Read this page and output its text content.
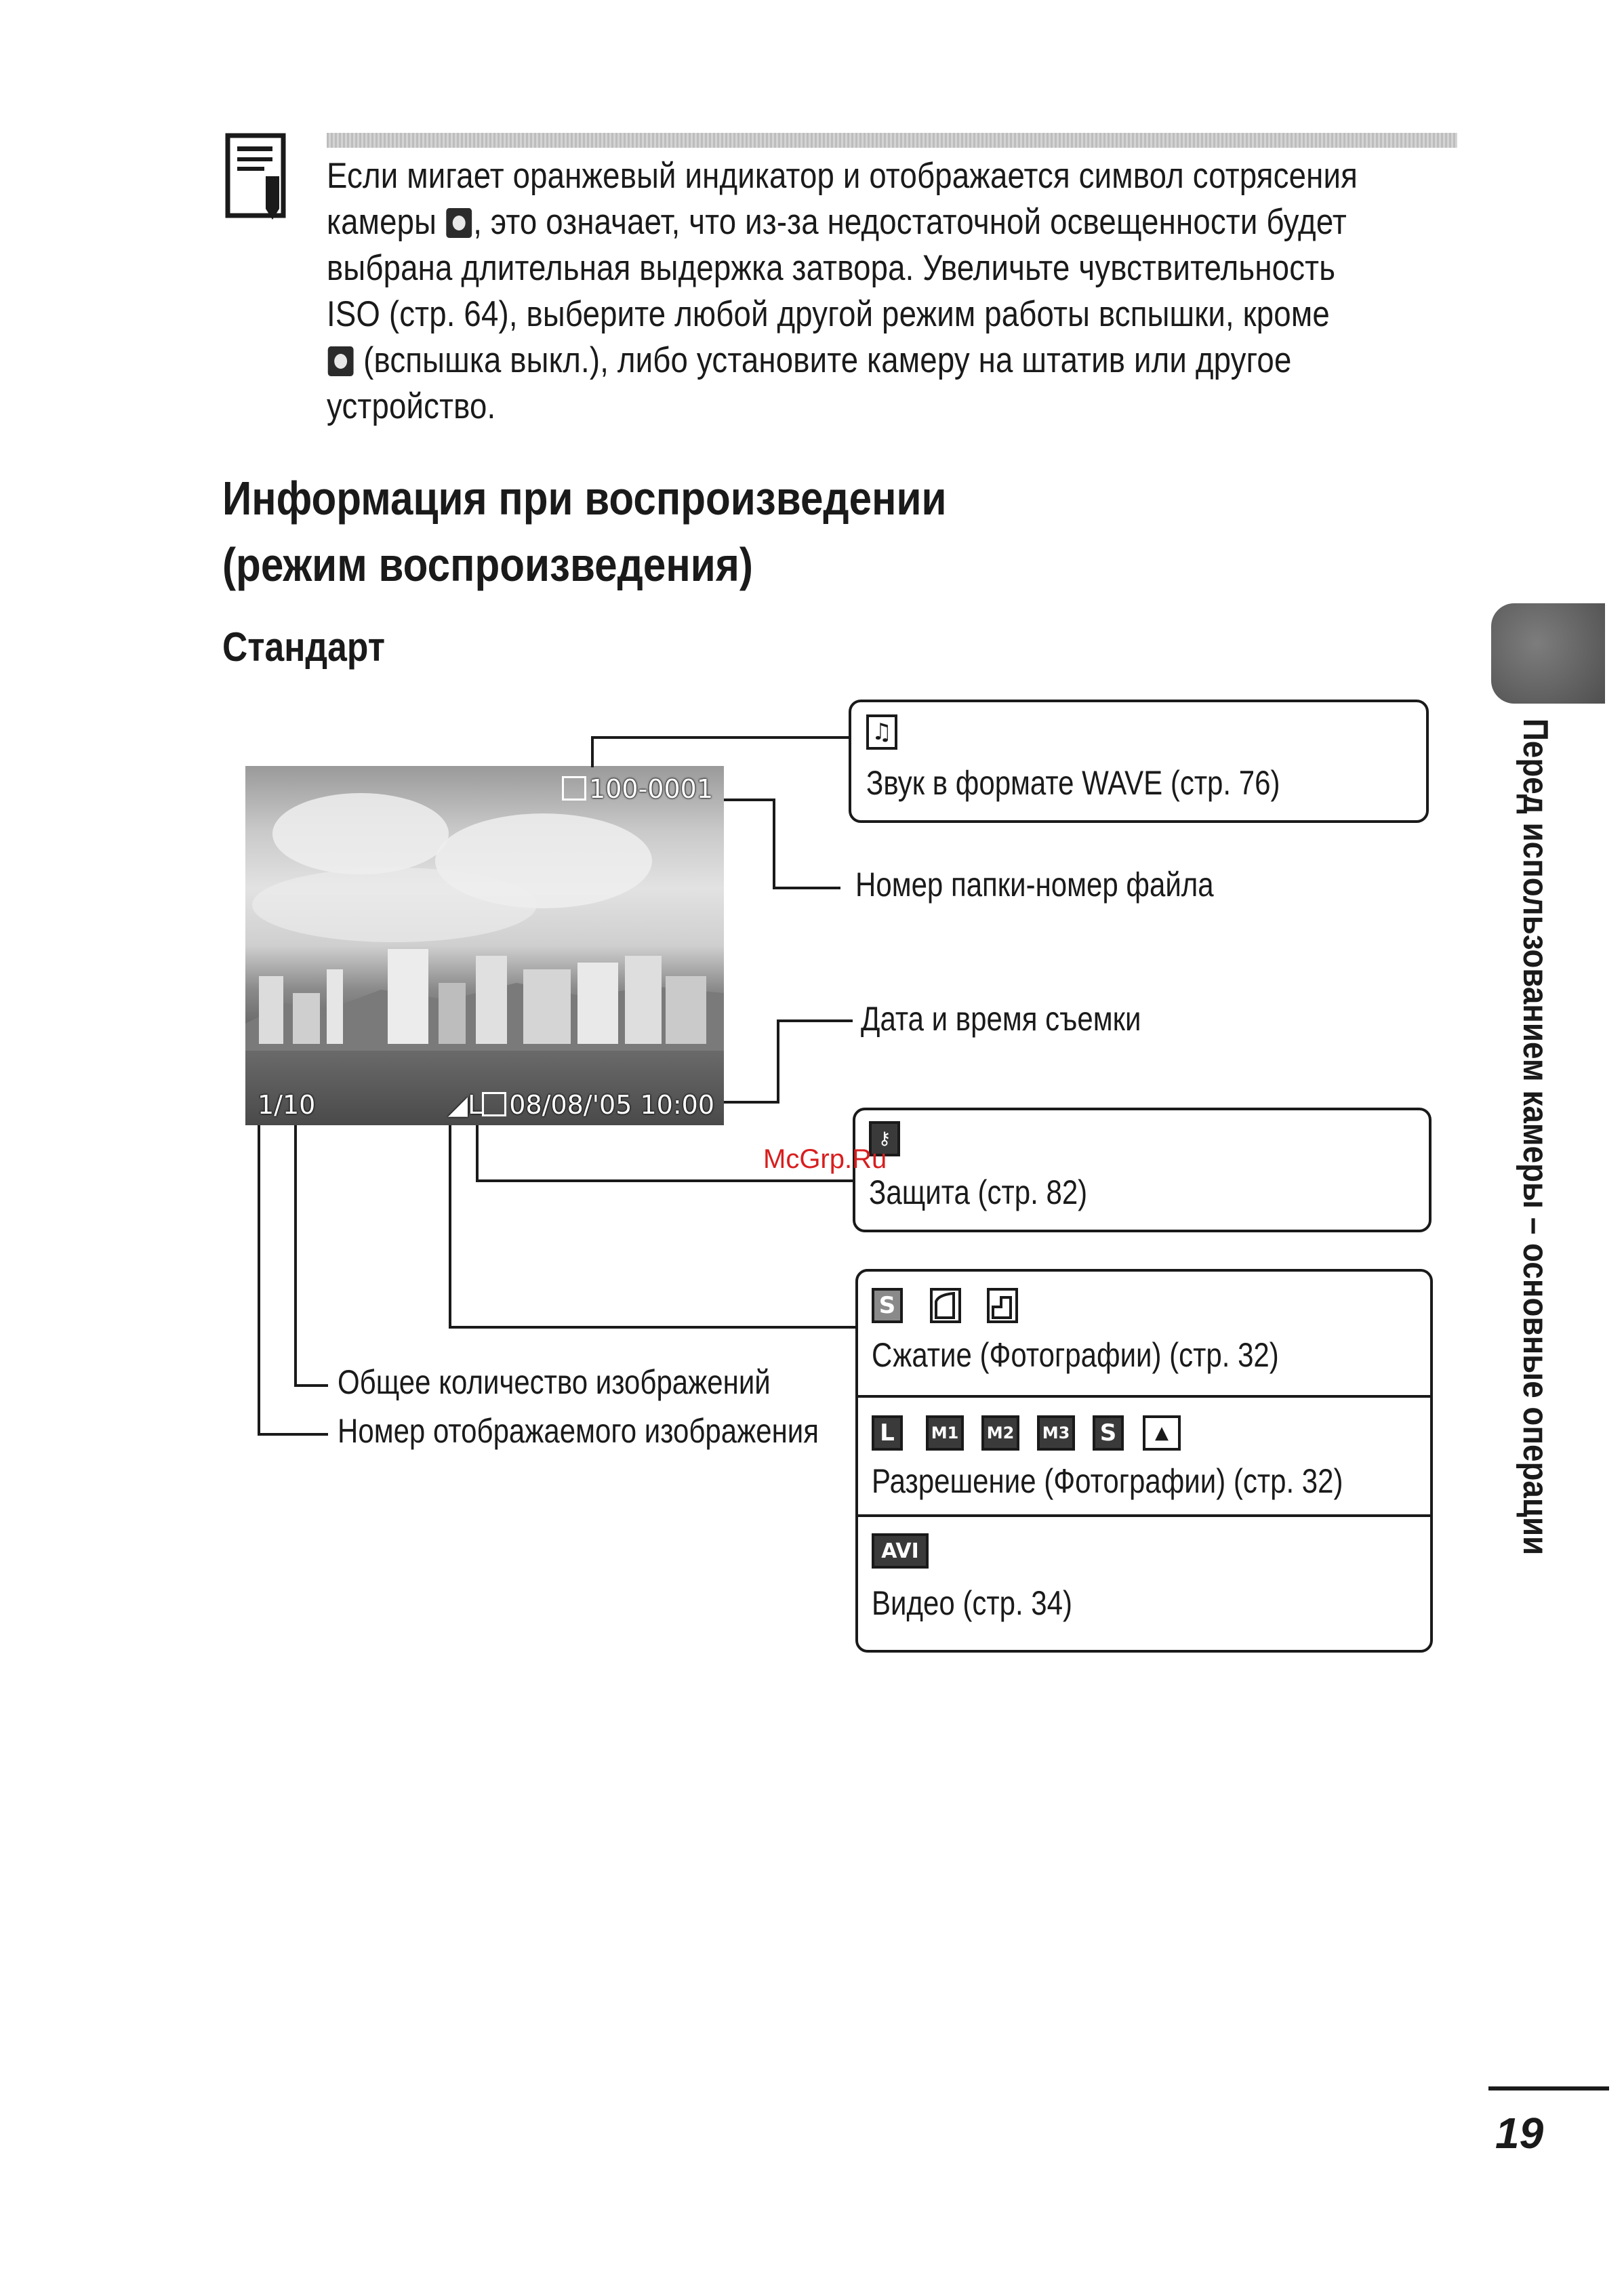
Если мигает оранжевый индикатор и отображается символ сотрясения
камеры , это означает, что из-за недостаточной освещенности будет
выбрана длительная выдержка затвора. Увеличьте чувствительность
ISO (стр. 64), выберите любой другой режим работы вспышки, кроме
(вспышка выкл.), либо установите камеру на штатив или другое
устройство.
Информация при воспроизведении
(режим воспроизведения)
Стандарт
100-0001
1/10	◢L 08/08/'05 10:00
♫
Звук в формате WAVE (стр. 76)
Номер папки-номер файла
Дата и время съемки
⚷
Защита (стр. 82)
S
Сжатие (Фотографии) (стр. 32)
L	M1	M2	M3	S	▲
Разрешение (Фотографии) (стр. 32)
AVI
Видео (стр. 34)
Общее количество изображений
Номер отображаемого изображения
McGrp.Ru	Перед использованием камеры – основные операции
19
